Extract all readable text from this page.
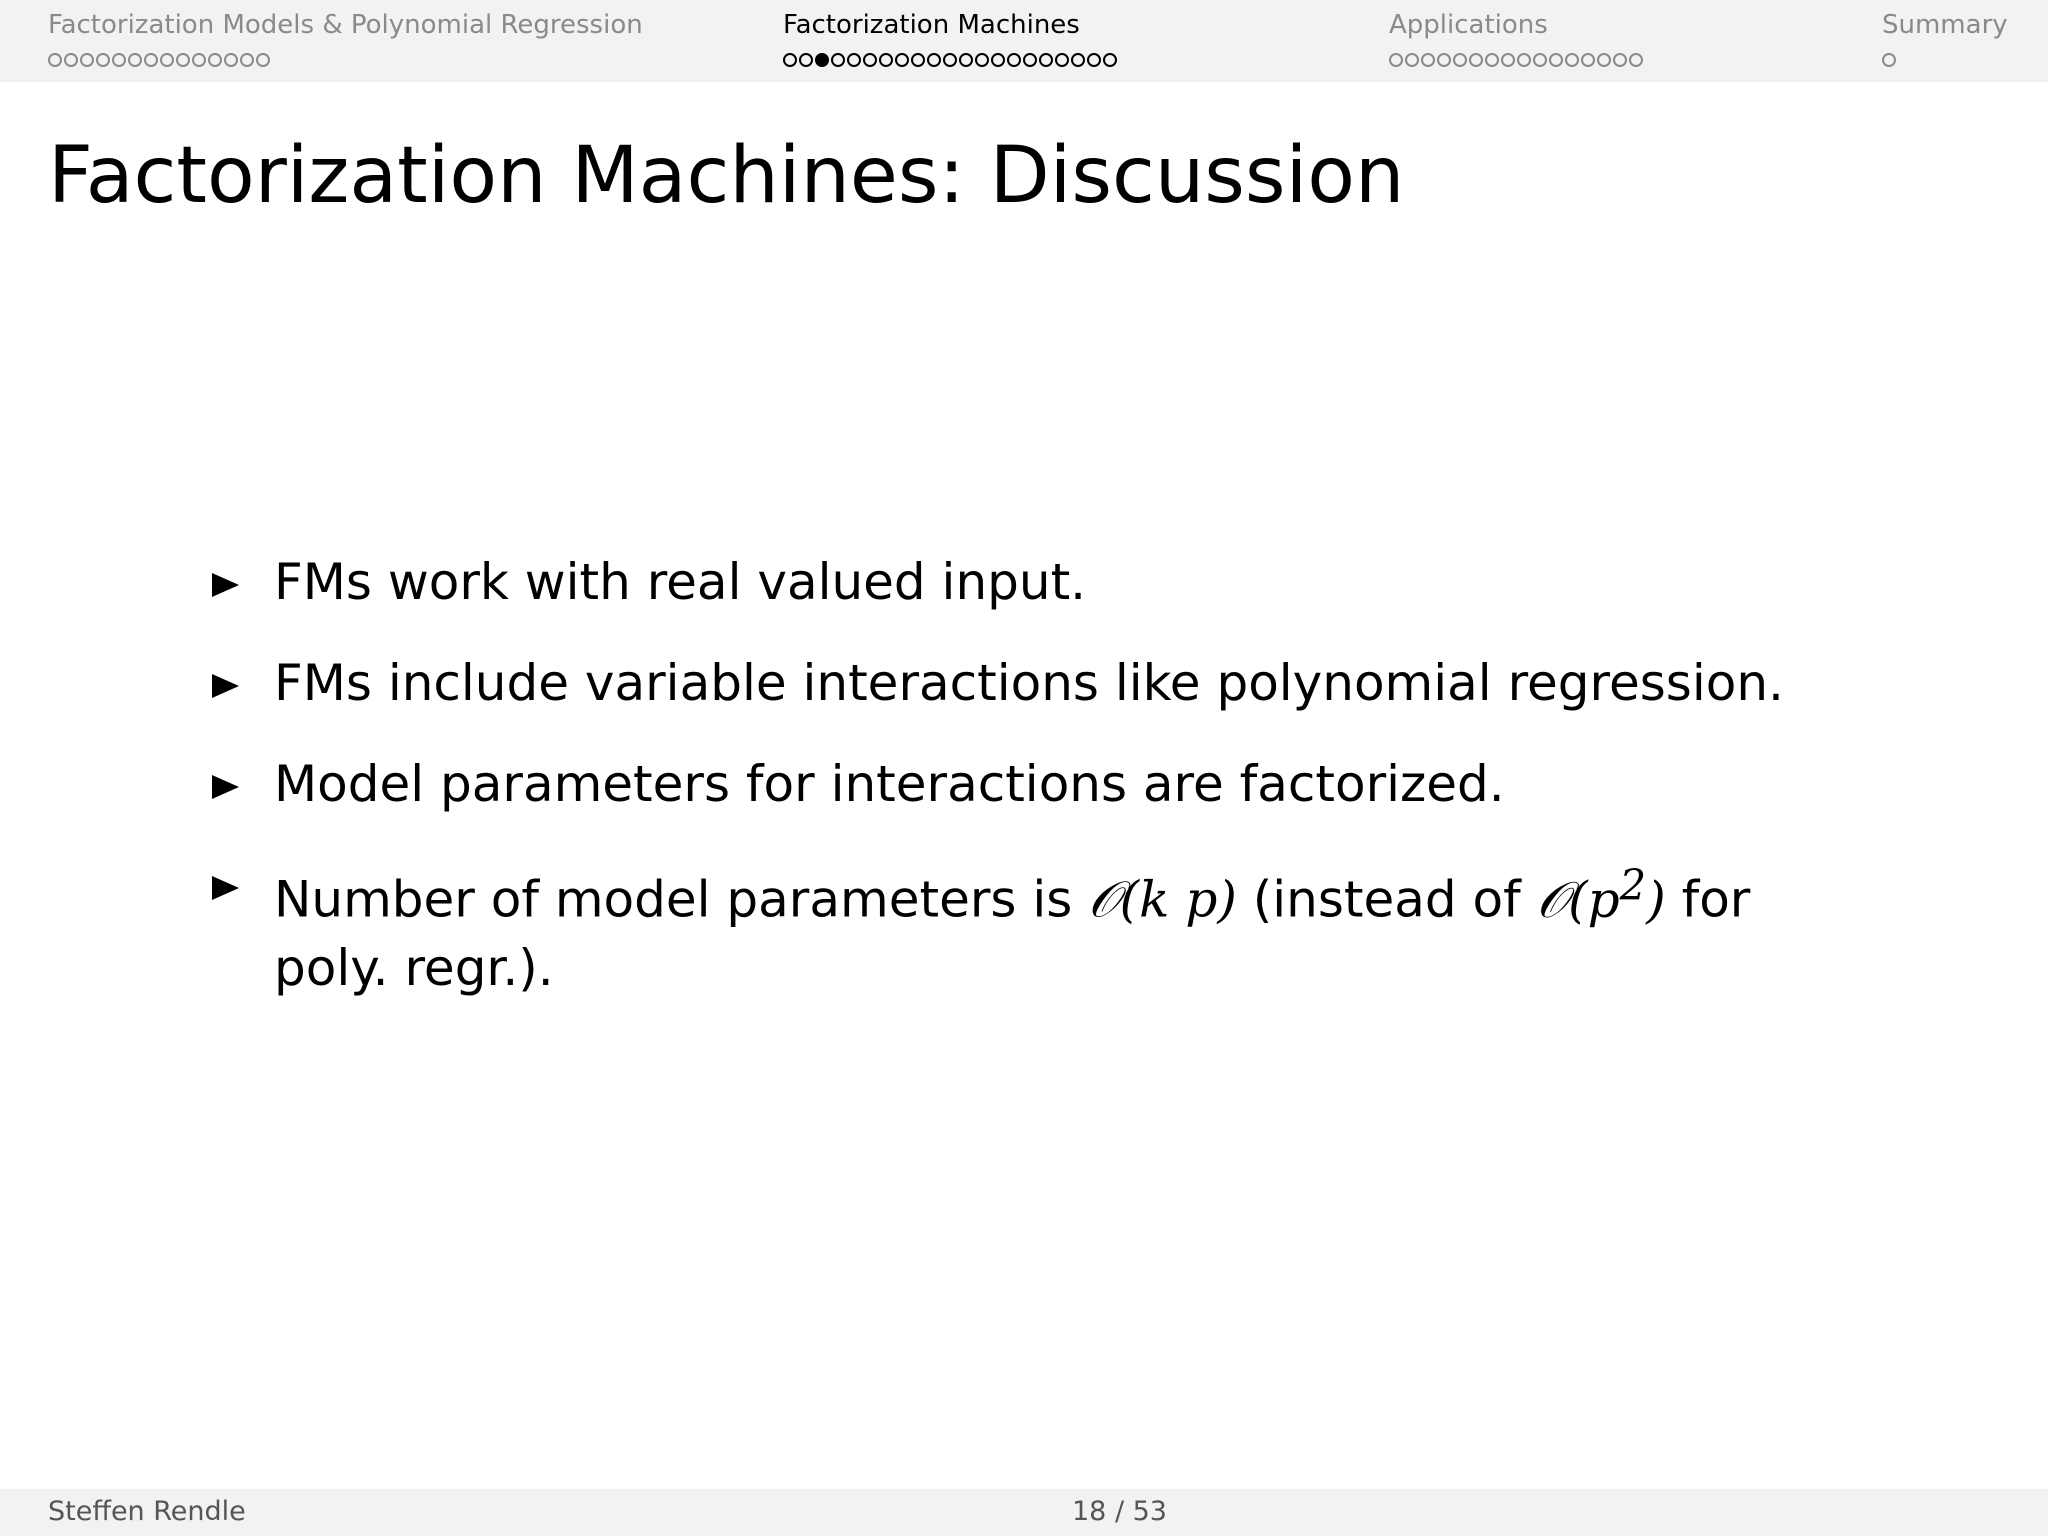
Factorization Models & Polynomial Regression	Factorization Machines	Applications	Summary
Factorization Machines: Discussion
FMs work with real valued input.
FMs include variable interactions like polynomial regression.
Model parameters for interactions are factorized.
Number of model parameters is 𝒪(k p) (instead of $𝒪(p^2)$ for poly. regr.).
Steffen Rendle	18 / 53
